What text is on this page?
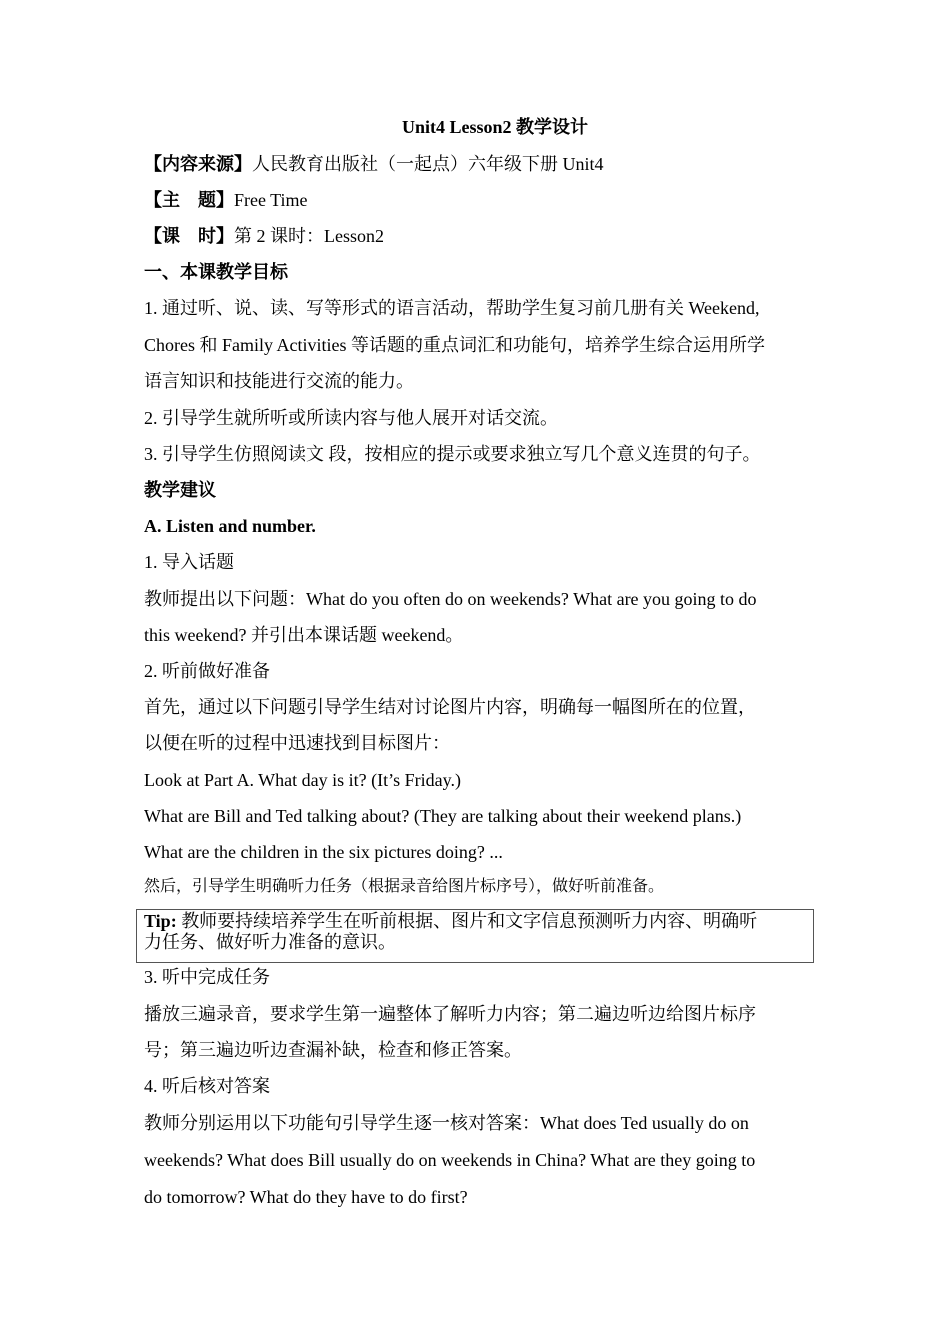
Unit4 Lesson2 教学设计
【内容来源】人民教育出版社（一起点）六年级下册 Unit4
【主　题】Free Time
【课　时】第 2 课时：Lesson2
一、本课教学目标
1. 通过听、说、读、写等形式的语言活动，帮助学生复习前几册有关 Weekend,
Chores 和 Family Activities 等话题的重点词汇和功能句，培养学生综合运用所学
语言知识和技能进行交流的能力。
2. 引导学生就所听或所读内容与他人展开对话交流。
3. 引导学生仿照阅读文 段，按相应的提示或要求独立写几个意义连贯的句子。
教学建议
A. Listen and number.
1. 导入话题
教师提出以下问题：What do you often do on weekends? What are you going to do
this weekend? 并引出本课话题 weekend。
2. 听前做好准备
首先，通过以下问题引导学生结对讨论图片内容，明确每一幅图所在的位置，
以便在听的过程中迅速找到目标图片：
Look at Part A. What day is it? (It’s Friday.)
What are Bill and Ted talking about? (They are talking about their weekend plans.)
What are the children in the six pictures doing? ...
然后，引导学生明确听力任务（根据录音给图片标序号），做好听前准备。
Tip: 教师要持续培养学生在听前根据、图片和文字信息预测听力内容、明确听
力任务、做好听力准备的意识。
3. 听中完成任务
播放三遍录音，要求学生第一遍整体了解听力内容；第二遍边听边给图片标序
号；第三遍边听边查漏补缺，检查和修正答案。
4. 听后核对答案
教师分别运用以下功能句引导学生逐一核对答案：What does Ted usually do on
weekends? What does Bill usually do on weekends in China? What are they going to
do tomorrow? What do they have to do first?
